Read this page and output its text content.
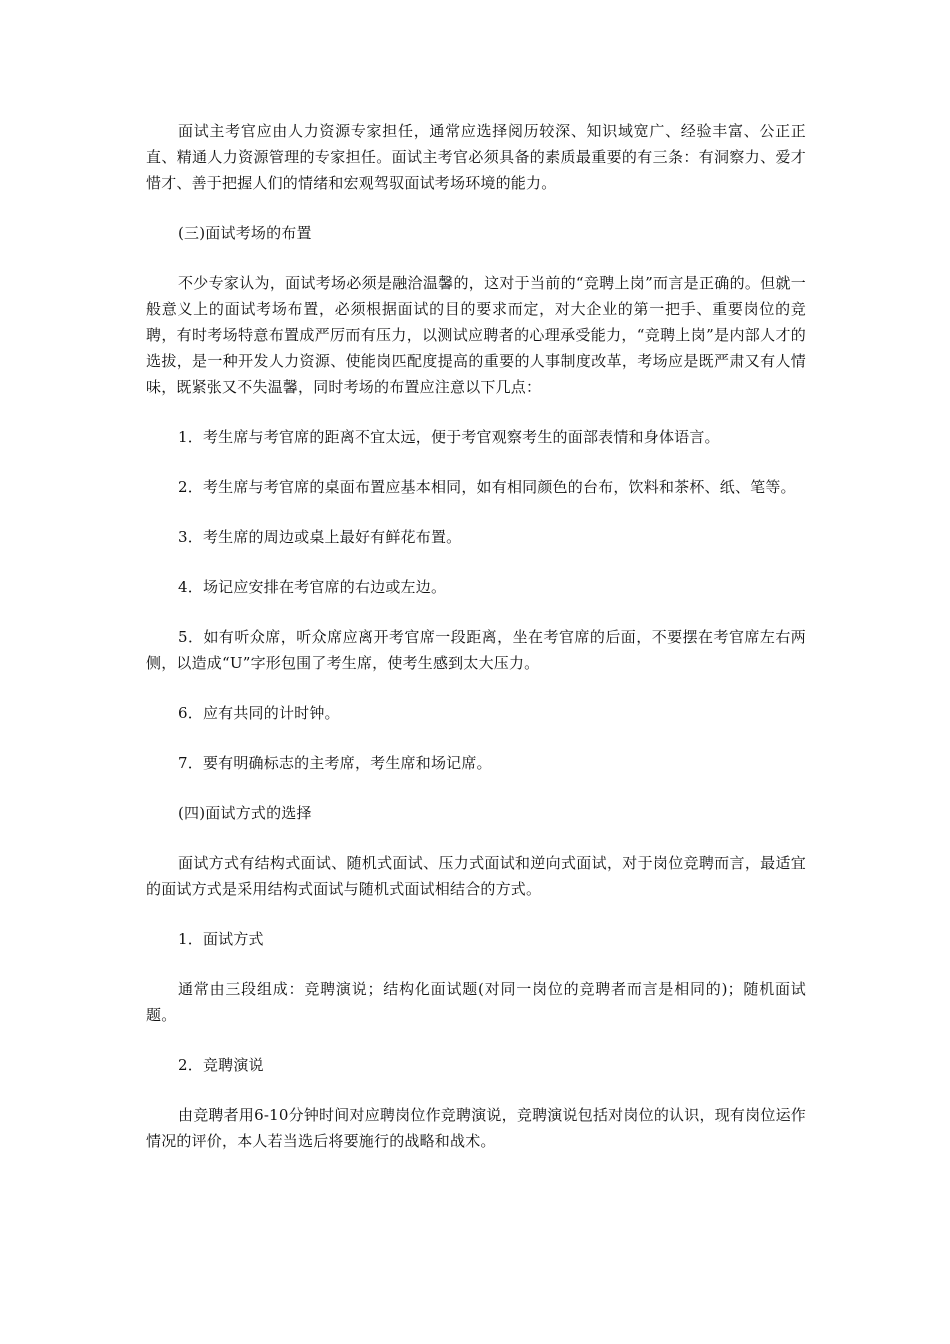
面试主考官应由人力资源专家担任，通常应选择阅历较深、知识域宽广、经验丰富、公正正直、精通人力资源管理的专家担任。面试主考官必须具备的素质最重要的有三条：有洞察力、爱才惜才、善于把握人们的情绪和宏观驾驭面试考场环境的能力。

(三)面试考场的布置

不少专家认为，面试考场必须是融洽温馨的，这对于当前的“竞聘上岗”而言是正确的。但就一般意义上的面试考场布置，必须根据面试的目的要求而定，对大企业的第一把手、重要岗位的竞聘，有时考场特意布置成严厉而有压力，以测试应聘者的心理承受能力，“竞聘上岗”是内部人才的选拔，是一种开发人力资源、使能岗匹配度提高的重要的人事制度改革，考场应是既严肃又有人情味，既紧张又不失温馨，同时考场的布置应注意以下几点：

1．考生席与考官席的距离不宜太远，便于考官观察考生的面部表情和身体语言。

2．考生席与考官席的桌面布置应基本相同，如有相同颜色的台布，饮料和茶杯、纸、笔等。

3．考生席的周边或桌上最好有鲜花布置。

4．场记应安排在考官席的右边或左边。

5．如有听众席，听众席应离开考官席一段距离，坐在考官席的后面，不要摆在考官席左右两侧，以造成“U”字形包围了考生席，使考生感到太大压力。

6．应有共同的计时钟。

7．要有明确标志的主考席，考生席和场记席。

(四)面试方式的选择

面试方式有结构式面试、随机式面试、压力式面试和逆向式面试，对于岗位竞聘而言，最适宜的面试方式是采用结构式面试与随机式面试相结合的方式。

1．面试方式

通常由三段组成：竞聘演说；结构化面试题(对同一岗位的竞聘者而言是相同的)；随机面试题。

2．竞聘演说

由竞聘者用6-10分钟时间对应聘岗位作竞聘演说，竞聘演说包括对岗位的认识，现有岗位运作情况的评价，本人若当选后将要施行的战略和战术。
